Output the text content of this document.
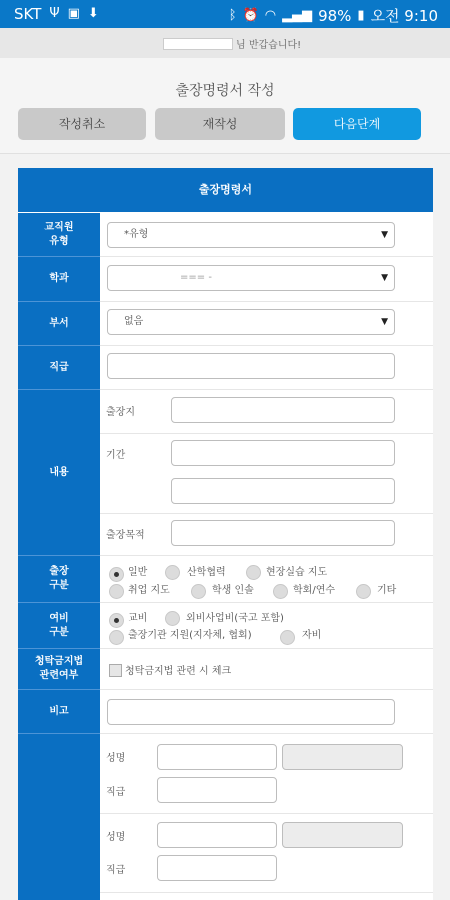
SKT Ψ ▣ ⬇	ᛒ ⏰ ◠ ▂▄▆ 98% ▮ 오전 9:10
님 반갑습니다!
출장명령서 작성
작성취소	재작성	다음단계
출장명령서
교직원
유형
*유형	▼
학과	=== -	▼
부서	없음	▼
직급
내용
출장지
기간
출장목적
출장
구분
일반	산학협력	현장실습 지도
취업 지도	학생 인솔	학회/연수	기타
여비
구분
교비	외비사업비(국고 포함)
출장기관 지원(지자체, 협회)	자비
청탁금지법
관련여부	청탁금지법 관련 시 체크
비고
성명
직급
성명
직급
